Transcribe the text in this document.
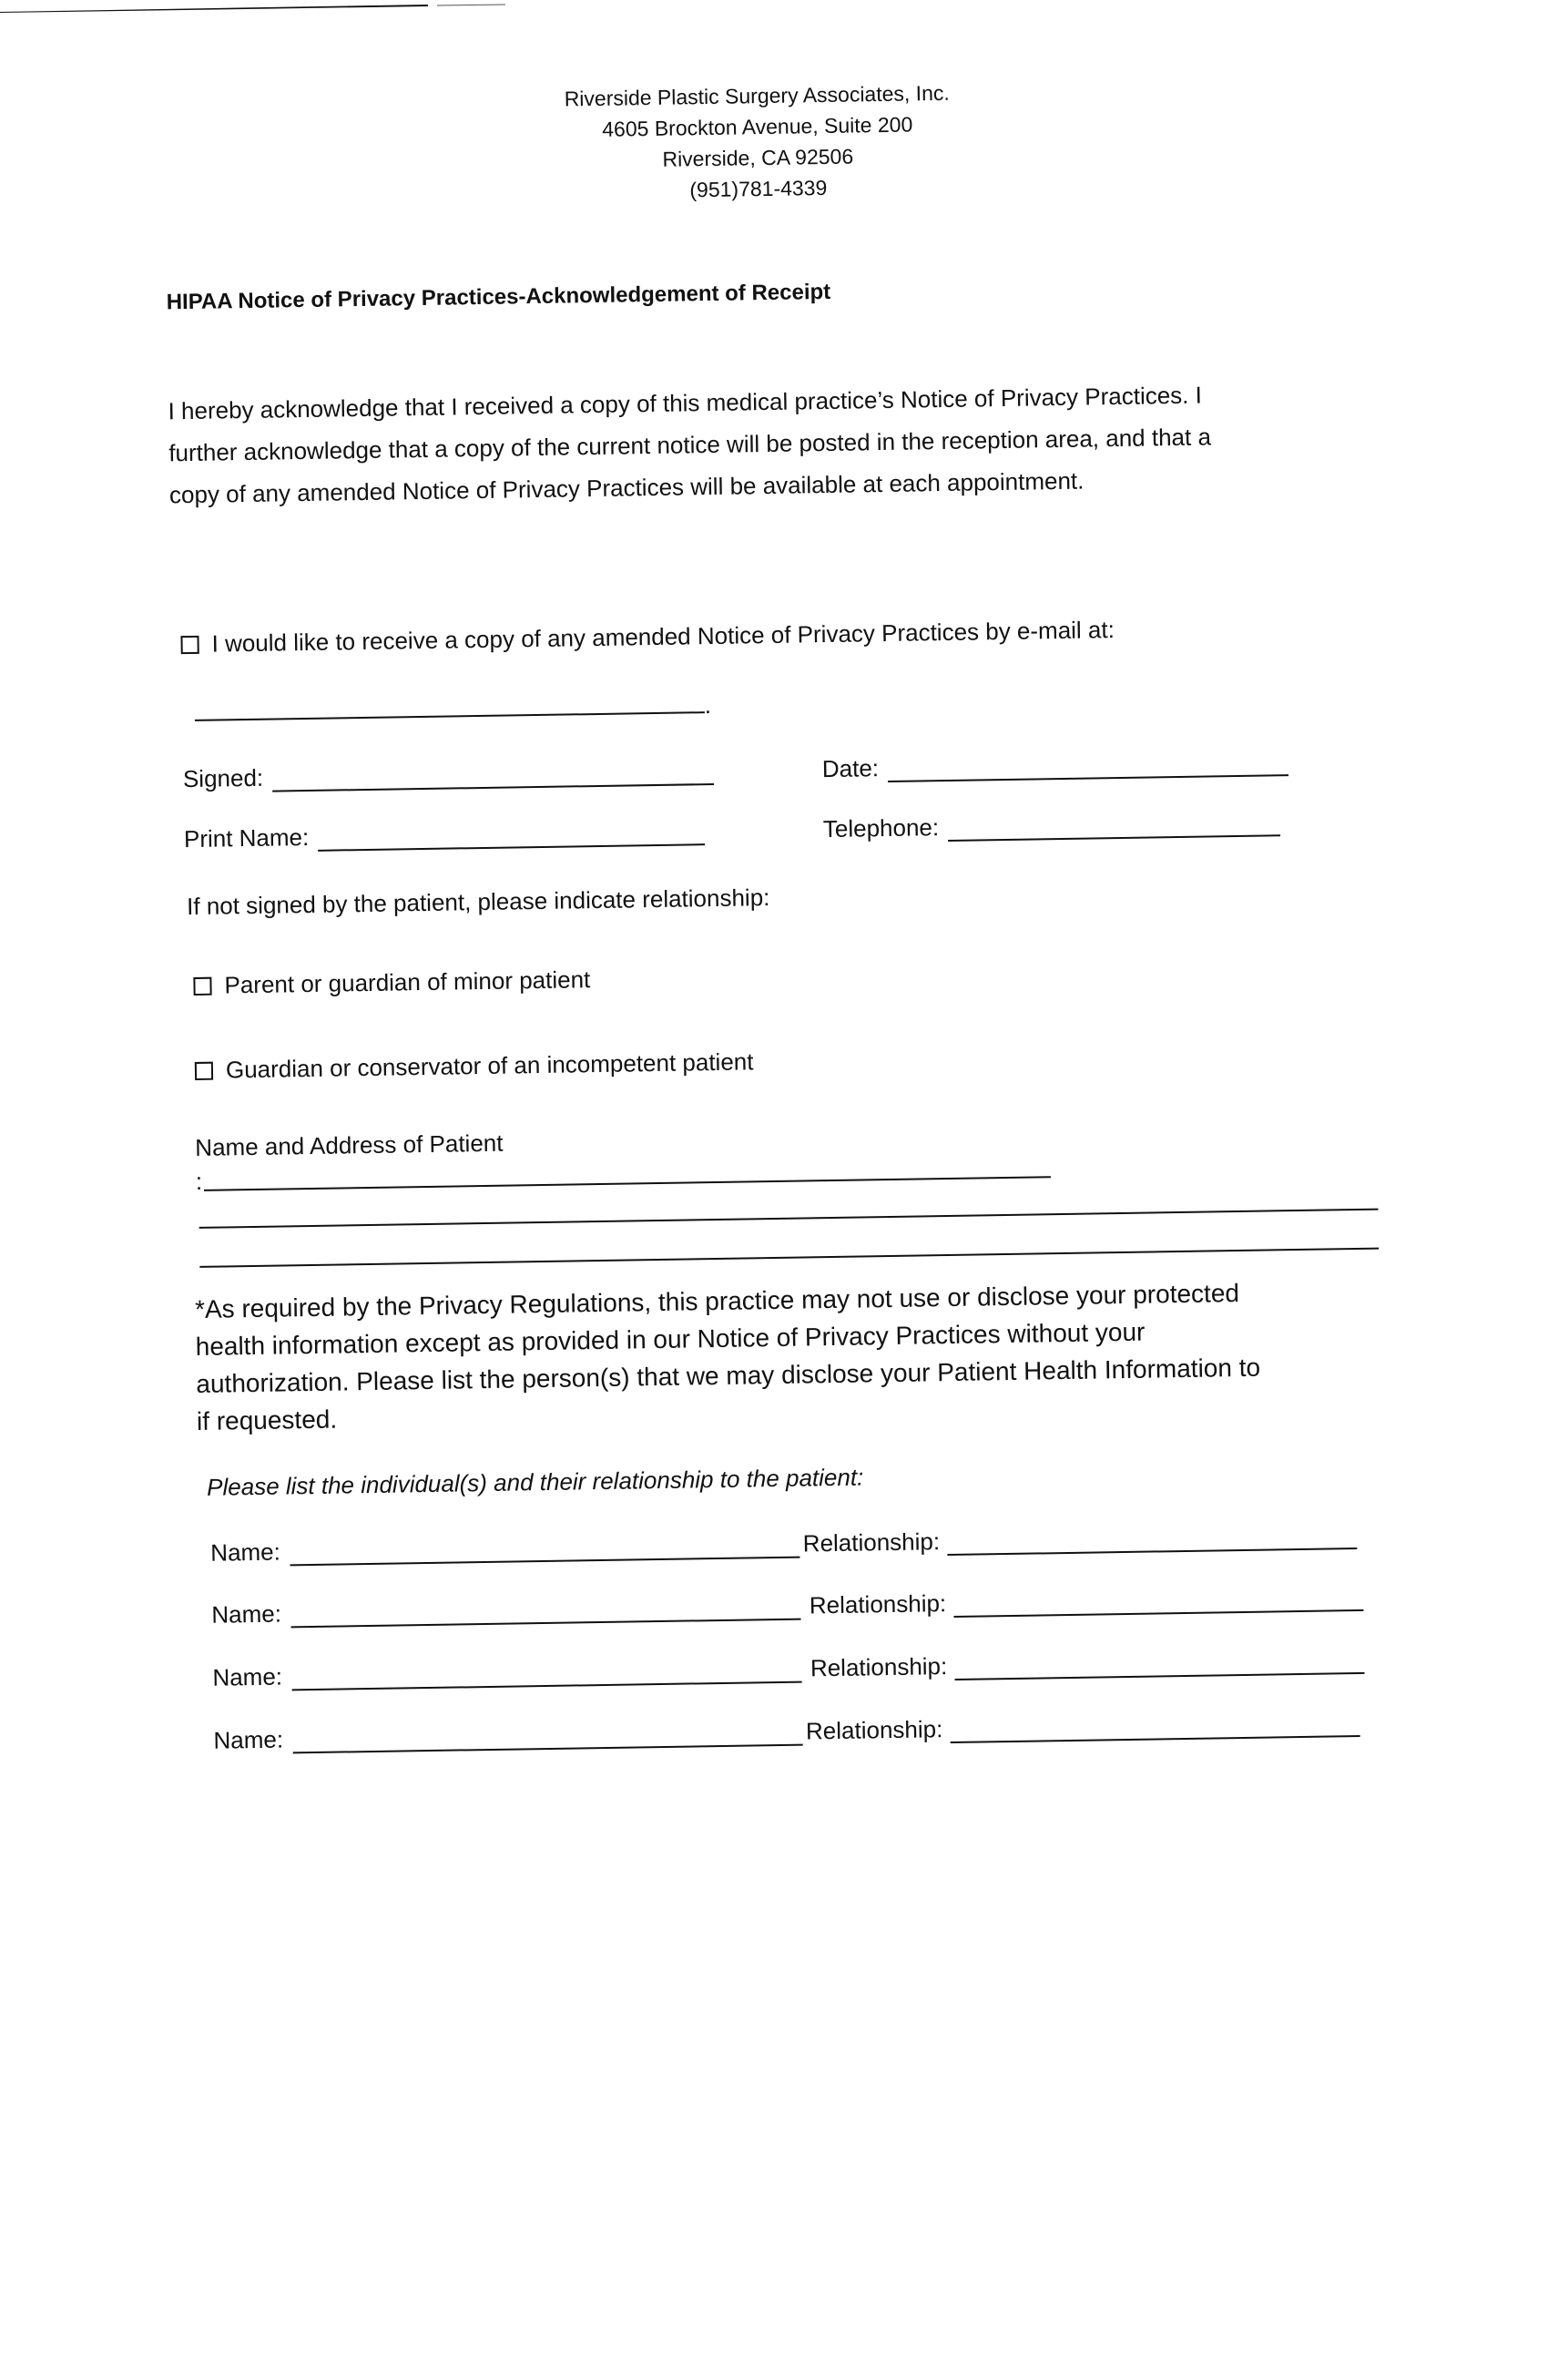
Riverside Plastic Surgery Associates, Inc.
4605 Brockton Avenue, Suite 200
Riverside, CA 92506
(951)781-4339
HIPAA Notice of Privacy Practices-Acknowledgement of Receipt
I hereby acknowledge that I received a copy of this medical practice’s Notice of Privacy Practices. I
further acknowledge that a copy of the current notice will be posted in the reception area, and that a
copy of any amended Notice of Privacy Practices will be available at each appointment.
I would like to receive a copy of any amended Notice of Privacy Practices by e-mail at:
.
Signed:	Date:
Print Name:	Telephone:
If not signed by the patient, please indicate relationship:
Parent or guardian of minor patient
Guardian or conservator of an incompetent patient
Name and Address of Patient
:
*As required by the Privacy Regulations, this practice may not use or disclose your protected
health information except as provided in our Notice of Privacy Practices without your
authorization. Please list the person(s) that we may disclose your Patient Health Information to
if requested.
Please list the individual(s) and their relationship to the patient:
Name:	Relationship:
Name:	Relationship:
Name:	Relationship:
Name:	Relationship:
